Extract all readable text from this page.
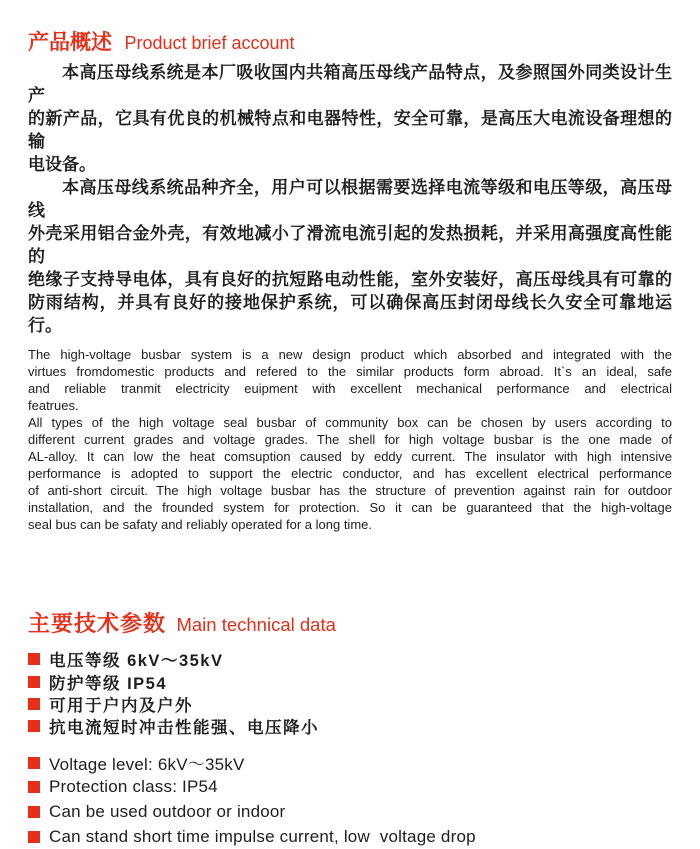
产品概述 Product brief account
本高压母线系统是本厂吸收国内共箱高压母线产品特点，及参照国外同类设计生产
的新产品，它具有优良的机械特点和电器特性，安全可靠，是高压大电流设备理想的输
电设备。
本高压母线系统品种齐全，用户可以根据需要选择电流等级和电压等级，高压母线
外壳采用铝合金外壳，有效地减小了滑流电流引起的发热损耗，并采用高强度高性能的
绝缘子支持导电体，具有良好的抗短路电动性能，室外安装好，高压母线具有可靠的
防雨结构，并具有良好的接地保护系统，可以确保高压封闭母线长久安全可靠地运行。
The high-voltage busbar system is a new design product which absorbed and integrated with the
virtues fromdomestic products and refered to the similar products form abroad. It`s an ideal, safe
and reliable tranmit electricity euipment with excellent mechanical performance and electrical
featrues.
All types of the high voltage seal busbar of community box can be chosen by users according to
different current grades and voltage grades. The shell for high voltage busbar is the one made of
AL-alloy. It can low the heat comsuption caused by eddy current. The insulator with high intensive
performance is adopted to support the electric conductor, and has excellent electrical performance
of anti-short circuit. The high voltage busbar has the structure of prevention against rain for outdoor
installation, and the frounded system for protection. So it can be guaranteed that the high-voltage
seal bus can be safaty and reliably operated for a long time.
主要技术参数 Main technical data
电压等级 6kV～35kV
防护等级 IP54
可用于户内及户外
抗电流短时冲击性能强、电压降小
Voltage level: 6kV～35kV
Protection class: IP54
Can be used outdoor or indoor
Can stand short time impulse current, low  voltage drop
